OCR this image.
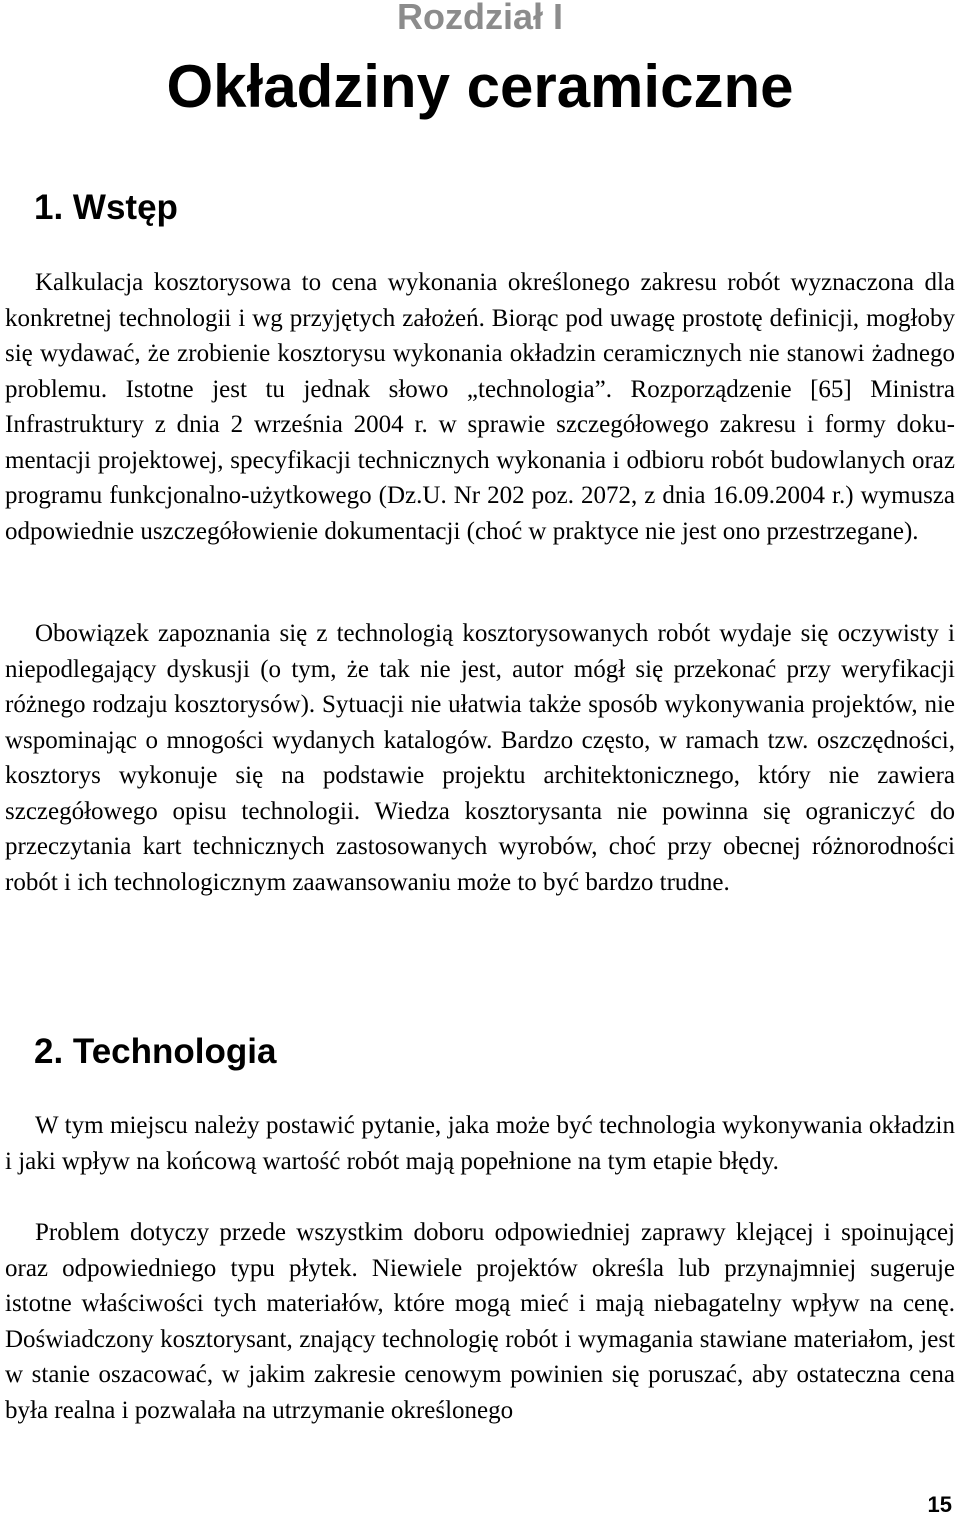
Rozdział I
Okładziny ceramiczne
1. Wstęp

Kalkulacja kosztorysowa to cena wykonania określonego zakresu robót wyznaczona dla konkretnej technologii i wg przyjętych założeń. Biorąc pod uwagę prostotę definicji, mogłoby się wydawać, że zrobienie kosztorysu wykonania okładzin ceramicznych nie stanowi żadnego problemu. Istotne jest tu jednak słowo „technologia”. Rozporządzenie [65] Ministra Infrastruktury z dnia 2 września 2004 r. w sprawie szczegółowego zakresu i formy dokumentacji projektowej, specyfikacji technicznych wykonania i odbioru robót budowlanych oraz programu funkcjonalno-użytkowego (Dz.U. Nr 202 poz. 2072, z dnia 16.09.2004 r.) wymusza odpowiednie uszczegółowienie dokumentacji (choć w praktyce nie jest ono przestrzegane).

Obowiązek zapoznania się z technologią kosztorysowanych robót wydaje się oczywisty i niepodlegający dyskusji (o tym, że tak nie jest, autor mógł się przekonać przy weryfikacji różnego rodzaju kosztorysów). Sytuacji nie ułatwia także sposób wykonywania projektów, nie wspominając o mnogości wydanych katalogów. Bardzo często, w ramach tzw. oszczędności, kosztorys wykonuje się na podstawie projektu architektonicznego, który nie zawiera szczegółowego opisu technologii. Wiedza kosztorysanta nie powinna się ograniczyć do przeczytania kart technicznych zastosowanych wyrobów, choć przy obecnej różnorodności robót i ich technologicznym zaawansowaniu może to być bardzo trudne.

2. Technologia

W tym miejscu należy postawić pytanie, jaka może być technologia wykonywania okładzin i jaki wpływ na końcową wartość robót mają popełnione na tym etapie błędy.

Problem dotyczy przede wszystkim doboru odpowiedniej zaprawy klejącej i spoinującej oraz odpowiedniego typu płytek. Niewiele projektów określa lub przynajmniej sugeruje istotne właściwości tych materiałów, które mogą mieć i mają niebagatelny wpływ na cenę. Doświadczony kosztorysant, znający technologię robót i wymagania stawiane materiałom, jest w stanie oszacować, w jakim zakresie cenowym powinien się poruszać, aby ostateczna cena była realna i pozwalała na utrzymanie określonego

15
